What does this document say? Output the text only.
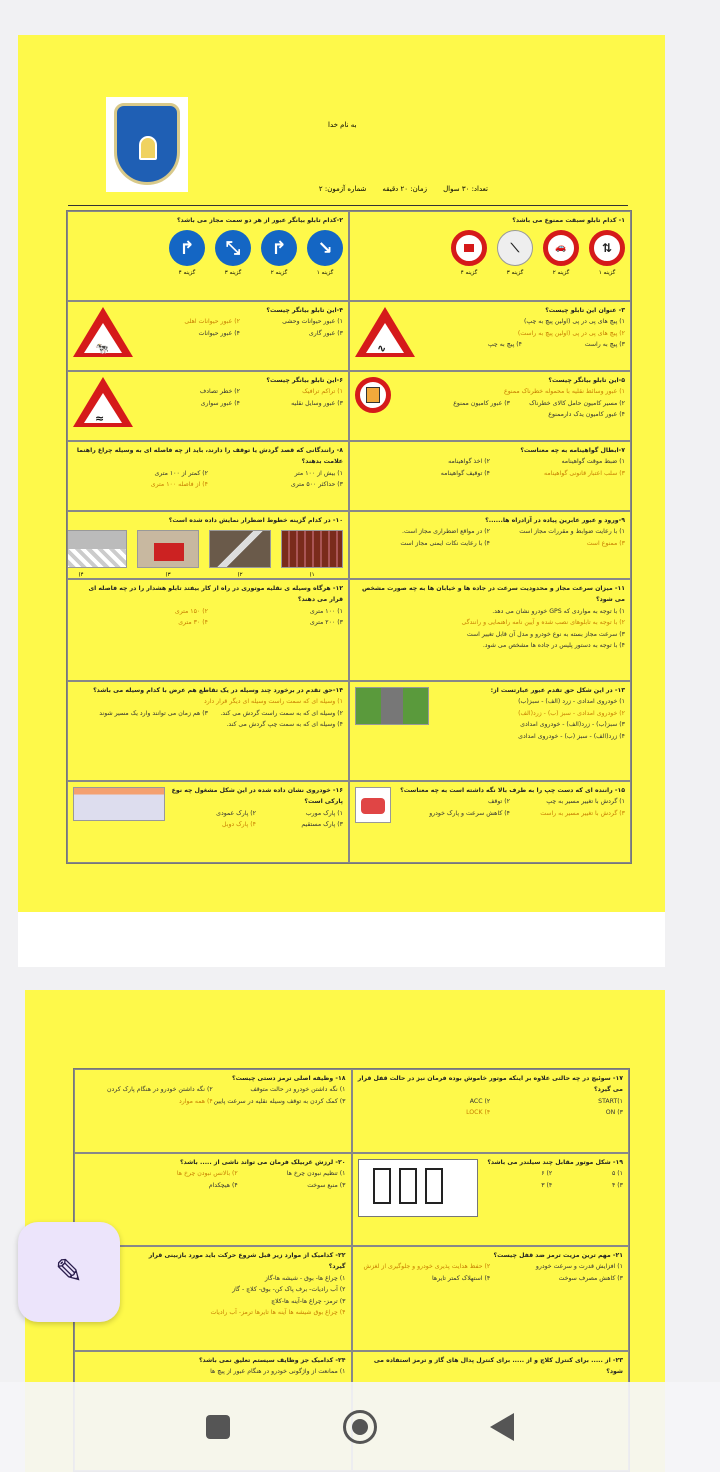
به نام خدا
تعداد: ۳۰ سوال
زمان: ۲۰ دقیقه
شماره آزمون: ۲
۱- کدام تابلو سبقت ممنوع می باشد؟
⇅
گزینه ۱
🚗
گزینه ۲
⟋
گزینه ۳
گزینه ۴
۲-کدام تابلو بیانگر عبور از هر دو سمت مجاز می باشد؟
↘
گزینه ۱
↱
گزینه ۲
⤡
گزینه ۳
↱
گزینه ۴
۳- عنوان این تابلو چیست؟
۱) پیچ های پی در پی (اولین پیچ به چپ)
۲) پیچ های پی در پی (اولین پیچ به راست)
۳) پیچ به راست
۴) پیچ به چپ
∿
۴-این تابلو بیانگر چیست؟
۱) عبور حیوانات وحشی
۲) عبور حیوانات اهلی
۳) عبور گاری
۴) عبور حیوانات
🐄
۵-این تابلو بیانگر چیست؟
۱) عبور وسائط نقلیه با محموله خطرناک ممنوع
۲) مسیر کامیون حامل کالای خطرناک
۳) عبور کامیون ممنوع
۴) عبور کامیون یدک دارممنوع
۶-این تابلو بیانگر چیست؟
۱) تراکم ترافیک
۲) خطر تصادف
۳) عبور وسایل نقلیه
۴) عبور سواری
≈
۷-ابطال گواهینامه به چه معناست؟
۱) ضبط موقت گواهینامه
۲) اخذ گواهینامه
۳) سلب اعتبار قانونی گواهینامه
۴) توقیف گواهینامه
۸- رانندگانی که قصد گردش یا توقف را دارند، باید از چه فاصله ای به وسیله چراغ راهنما علامت بدهند؟
۱) بیش از ۱۰۰ متر
۲) کمتر از ۱۰۰ متری
۳) حداکثر ۵۰۰ متری
۴) از فاصله ۱۰۰ متری
۹-ورود و عبور عابرین پیاده در آزادراه ها......؟
۱) با رعایت ضوابط و مقررات مجاز است
۲) در مواقع اضطراری مجاز است.
۳) ممنوع است
۴) با رعایت نکات ایمنی مجاز است
۱۰- در کدام گزینه خطوط اضطرار نمایش داده شده است؟
۱)
۲)
۳)
۴)
۱۱- میزان سرعت مجاز و محدودیت سرعت در جاده ها و خیابان ها به چه صورت مشخص می شود؟
۱) با توجه به مواردی که GPS خودرو نشان می دهد.
۲) با توجه به تابلوهای نصب شده و آیین نامه راهنمایی و رانندگی
۳) سرعت مجاز بسته به نوع خودرو و مدل آن قابل تغییر است
۴) با توجه به دستور پلیس در جاده ها مشخص می شود.
۱۲- هرگاه وسیله ی نقلیه موتوری در راه از کار بیفتد تابلو هشدار را در چه فاصله ای قرار می دهند؟
۱) ۱۰۰ متری
۲) ۱۵۰ متری
۳) ۲۰۰ متری
۴) ۳۰ متری
۱۳- در این شکل حق تقدم عبور عبارتست از:
۱) خودروی امدادی - زرد (الف) - سبز(ب)
۲) خودروی امدادی - سبز (ب) - زرد(الف)
۳) سبز(ب) - زرد(الف) - خودروی امدادی
۴) زرد(الف) - سبز (ب) - خودروی امدادی
۱۴-حق تقدم در برخورد چند وسیله در یک تقاطع هم عرض با کدام وسیله می باشد؟
۱) وسیله ای که سمت راست وسیله ای دیگر قرار دارد
۲) وسیله ای که به سمت راست گردش می کند.
۳) هم زمان می توانند وارد یک مسیر شوند
۴) وسیله ای که به سمت چپ گردش می کند.
۱۵- راننده ای که دست چپ را به طرف بالا نگه داشته است به چه معناست؟
۱) گردش با تغییر مسیر به چپ
۲) توقف
۳) گردش با تغییر مسیر به راست
۴) کاهش سرعت و پارک خودرو
۱۶- خودروی نشان داده شده در این شکل مشغول چه نوع پارکی است؟
۱) پارک مورب
۲) پارک عمودی
۳) پارک مستقیم
۴) پارک دوبل
۱۷- سوئیچ در چه حالتی علاوه بر اینکه موتور خاموش بوده فرمان نیز در حالت قفل قرار می گیرد؟
START(۱
ACC (۲
ON (۳
LOCK (۴
۱۸- وظیفه اصلی ترمز دستی چیست؟
۱) نگه داشتن خودرو در حالت متوقف
۲) نگه داشتن خودرو در هنگام پارک کردن
۳) کمک کردن به توقف وسیله نقلیه در سرعت پایین
۴) همه موارد
۱۹- شکل موتور مقابل چند سیلندر می باشد؟
۱) ۵
۲) ۶
۳) ۴
۴) ۳
۲۰- لرزش غربیلک فرمان می تواند ناشی از ..... باشد؟
۱) تنظیم نبودن چرخ ها
۲) بالانس نبودن چرخ ها
۳) منبع سوخت
۴) هیچکدام
۲۱- مهم ترین مزیت ترمز ضد قفل چیست؟
۱) افزایش قدرت و سرعت خودرو
۲) حفظ هدایت پذیری خودرو و جلوگیری از لغزش
۳) کاهش مصرف سوخت
۴) استهلاک کمتر تایرها
۲۲- کدامیک از موارد زیر قبل شروع حرکت باید مورد بازبینی قرار گیرد؟
۱) چراغ ها- بوق - شیشه ها-گاز
۲) آب رادیات- برف پاک کن- بوق- کلاچ - گاز
۳) ترمز- چراغ ها-آینه ها-کلاچ
۴) چراغ بوق شیشه ها آینه ها تایرها ترمز- آب رادیات
۲۳- از ..... برای کنترل کلاچ و از ..... برای کنترل پدال های گاز و ترمز استفاده می شود؟
۲۴- کدامیک جز وظایف سیستم تعلیق نمی باشد؟
۱) ممانعت از واژگونی خودرو در هنگام عبور از پیچ ها
✎
